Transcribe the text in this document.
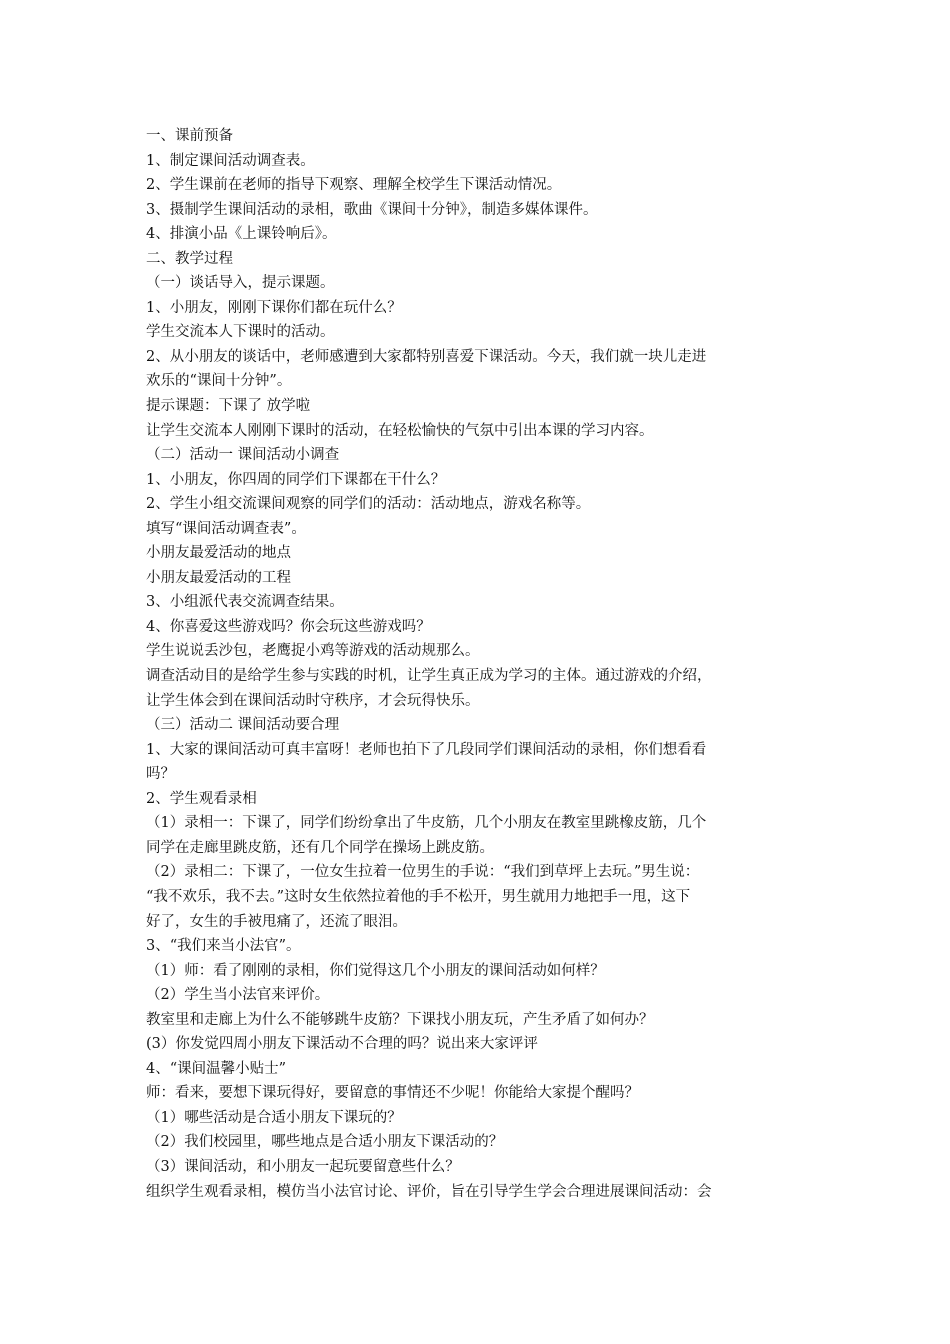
一、课前预备

1、制定课间活动调查表。

2、学生课前在老师的指导下观察、理解全校学生下课活动情况。

3、摄制学生课间活动的录相，歌曲《课间十分钟》，制造多媒体课件。

4、排演小品《上课铃响后》。

二、教学过程

（一）谈话导入，提示课题。

1、小朋友，刚刚下课你们都在玩什么？

学生交流本人下课时的活动。

2、从小朋友的谈话中，老师感遭到大家都特别喜爱下课活动。今天，我们就一块儿走进

欢乐的“课间十分钟”。

提示课题：下课了 放学啦

让学生交流本人刚刚下课时的活动，在轻松愉快的气氛中引出本课的学习内容。

（二）活动一 课间活动小调查

1、小朋友，你四周的同学们下课都在干什么？

2、学生小组交流课间观察的同学们的活动：活动地点，游戏名称等。

填写“课间活动调查表”。

小朋友最爱活动的地点

小朋友最爱活动的工程

3、小组派代表交流调查结果。

4、你喜爱这些游戏吗？你会玩这些游戏吗？

学生说说丢沙包，老鹰捉小鸡等游戏的活动规那么。

调查活动目的是给学生参与实践的时机，让学生真正成为学习的主体。通过游戏的介绍，

让学生体会到在课间活动时守秩序，才会玩得快乐。

（三）活动二 课间活动要合理

1、大家的课间活动可真丰富呀！老师也拍下了几段同学们课间活动的录相，你们想看看

吗？

2、学生观看录相

（1）录相一：下课了，同学们纷纷拿出了牛皮筋，几个小朋友在教室里跳橡皮筋，几个

同学在走廊里跳皮筋，还有几个同学在操场上跳皮筋。

（2）录相二：下课了，一位女生拉着一位男生的手说：“我们到草坪上去玩。”男生说：

“我不欢乐，我不去。”这时女生依然拉着他的手不松开，男生就用力地把手一甩，这下

好了，女生的手被甩痛了，还流了眼泪。

3、“我们来当小法官”。

（1）师：看了刚刚的录相，你们觉得这几个小朋友的课间活动如何样？

（2）学生当小法官来评价。

教室里和走廊上为什么不能够跳牛皮筋？下课找小朋友玩，产生矛盾了如何办？

(3）你发觉四周小朋友下课活动不合理的吗？说出来大家评评

4、“课间温馨小贴士”

师：看来，要想下课玩得好，要留意的事情还不少呢！你能给大家提个醒吗？

（1）哪些活动是合适小朋友下课玩的？

（2）我们校园里，哪些地点是合适小朋友下课活动的？

（3）课间活动，和小朋友一起玩要留意些什么？

组织学生观看录相，模仿当小法官讨论、评价，旨在引导学生学会合理进展课间活动：会
